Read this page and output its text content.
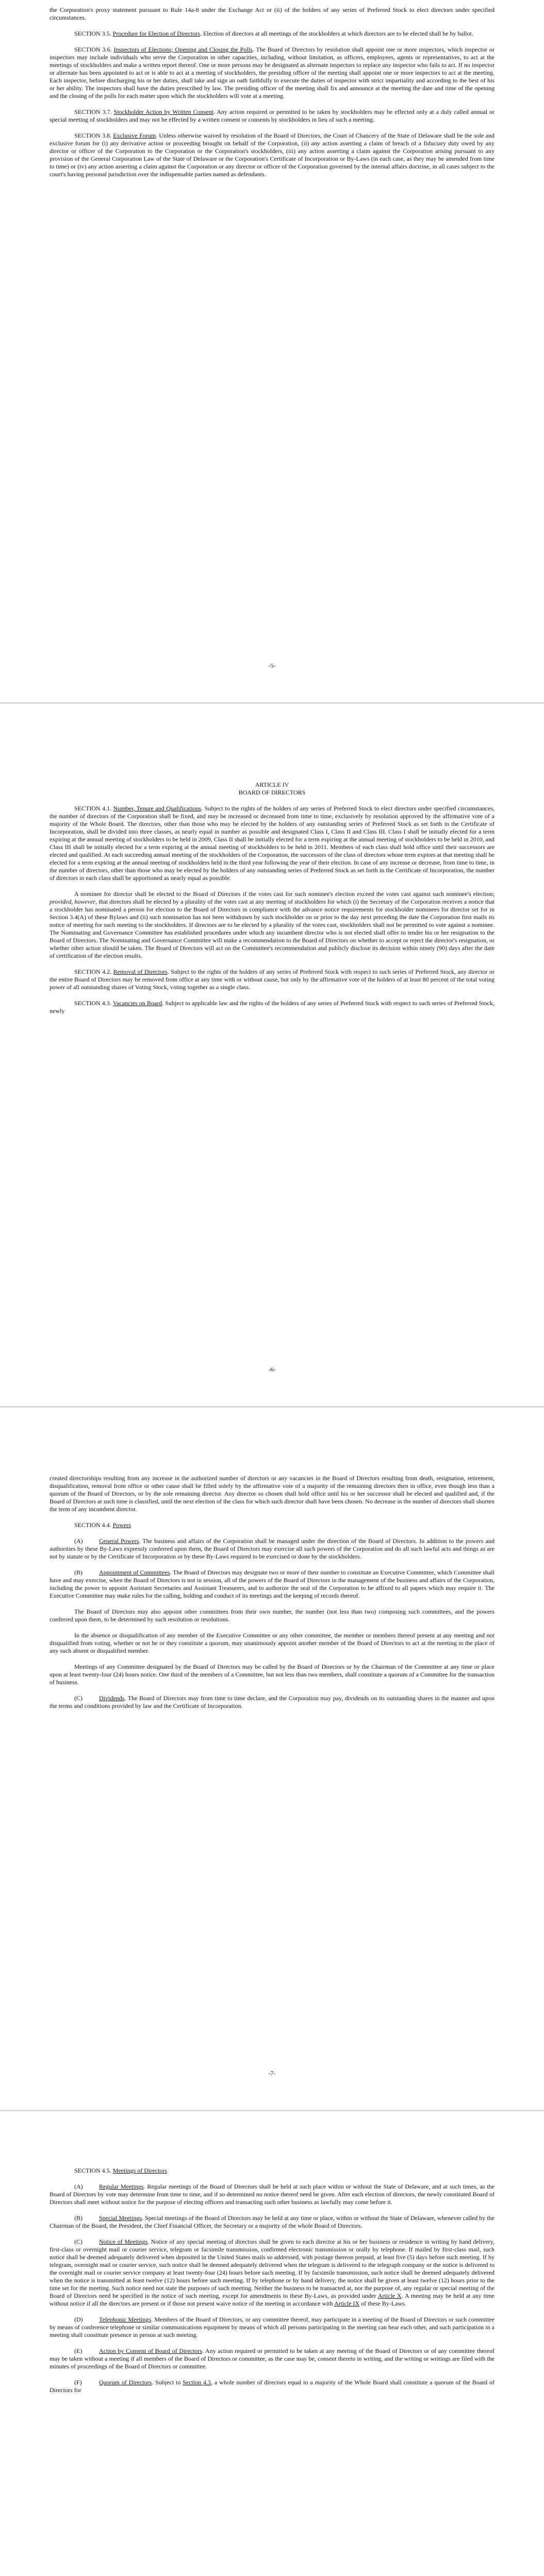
the Corporation's proxy statement pursuant to Rule 14a-8 under the Exchange Act or (ii) of the holders of any series of Preferred Stock to elect directors under specified circumstances.

SECTION 3.5. Procedure for Election of Directors. Election of directors at all meetings of the stockholders at which directors are to be elected shall be by ballot.

SECTION 3.6. Inspectors of Elections; Opening and Closing the Polls. The Board of Directors by resolution shall appoint one or more inspectors, which inspector or inspectors may include individuals who serve the Corporation in other capacities, including, without limitation, as officers, employees, agents or representatives, to act at the meetings of stockholders and make a written report thereof. One or more persons may be designated as alternate inspectors to replace any inspector who fails to act. If no inspector or alternate has been appointed to act or is able to act at a meeting of stockholders, the presiding officer of the meeting shall appoint one or more inspectors to act at the meeting. Each inspector, before discharging his or her duties, shall take and sign an oath faithfully to execute the duties of inspector with strict impartiality and according to the best of his or her ability. The inspectors shall have the duties prescribed by law. The presiding officer of the meeting shall fix and announce at the meeting the date and time of the opening and the closing of the polls for each matter upon which the stockholders will vote at a meeting.

SECTION 3.7. Stockholder Action by Written Consent. Any action required or permitted to be taken by stockholders may be effected only at a duly called annual or special meeting of stockholders and may not be effected by a written consent or consents by stockholders in lieu of such a meeting.

SECTION 3.8. Exclusive Forum. Unless otherwise waived by resolution of the Board of Directors, the Court of Chancery of the State of Delaware shall be the sole and exclusive forum for (i) any derivative action or proceeding brought on behalf of the Corporation, (ii) any action asserting a claim of breach of a fiduciary duty owed by any director or officer of the Corporation to the Corporation or the Corporation's stockholders, (iii) any action asserting a claim against the Corporation arising pursuant to any provision of the General Corporation Law of the State of Delaware or the Corporation's Certificate of Incorporation or By-Laws (in each case, as they may be amended from time to time) or (iv) any action asserting a claim against the Corporation or any director or officer of the Corporation governed by the internal affairs doctrine, in all cases subject to the court's having personal jurisdiction over the indispensable parties named as defendants.

-5-
ARTICLE IV
BOARD OF DIRECTORS

SECTION 4.1. Number, Tenure and Qualifications. Subject to the rights of the holders of any series of Preferred Stock to elect directors under specified circumstances, the number of directors of the Corporation shall be fixed, and may be increased or decreased from time to time, exclusively by resolution approved by the affirmative vote of a majority of the Whole Board. The directors, other than those who may be elected by the holders of any outstanding series of Preferred Stock as set forth in the Certificate of Incorporation, shall be divided into three classes, as nearly equal in number as possible and designated Class I, Class II and Class III. Class I shall be initially elected for a term expiring at the annual meeting of stockholders to be held in 2009, Class II shall be initially elected for a term expiring at the annual meeting of stockholders to be held in 2010, and Class III shall be initially elected for a term expiring at the annual meeting of stockholders to be held in 2011. Members of each class shall hold office until their successors are elected and qualified. At each succeeding annual meeting of the stockholders of the Corporation, the successors of the class of directors whose term expires at that meeting shall be elected for a term expiring at the annual meeting of stockholders held in the third year following the year of their election. In case of any increase or decrease, from time to time, in the number of directors, other than those who may be elected by the holders of any outstanding series of Preferred Stock as set forth in the Certificate of Incorporation, the number of directors in each class shall be apportioned as nearly equal as possible.

A nominee for director shall be elected to the Board of Directors if the votes cast for such nominee's election exceed the votes cast against such nominee's election; provided, however, that directors shall be elected by a plurality of the votes cast at any meeting of stockholders for which (i) the Secretary of the Corporation receives a notice that a stockholder has nominated a person for election to the Board of Directors in compliance with the advance notice requirements for stockholder nominees for director set for in Section 3.4(A) of these Bylaws and (ii) such nomination has not been withdrawn by such stockholder on or prior to the day next preceding the date the Corporation first mails its notice of meeting for such meeting to the stockholders. If directors are to be elected by a plurality of the votes cast, stockholders shall not be permitted to vote against a nominee. The Nominating and Governance Committee has established procedures under which any incumbent director who is not elected shall offer to tender his or her resignation to the Board of Directors. The Nominating and Governance Committee will make a recommendation to the Board of Directors on whether to accept or reject the director's resignation, or whether other action should be taken. The Board of Directors will act on the Committee's recommendation and publicly disclose its decision within ninety (90) days after the date of certification of the election results.

SECTION 4.2. Removal of Directors. Subject to the rights of the holders of any series of Preferred Stock with respect to such series of Preferred Stock, any director or the entire Board of Directors may be removed from office at any time with or without cause, but only by the affirmative vote of the holders of at least 80 percent of the total voting power of all outstanding shares of Voting Stock, voting together as a single class.

SECTION 4.3. Vacancies on Board. Subject to applicable law and the rights of the holders of any series of Preferred Stock with respect to such series of Preferred Stock, newly

-6-

created directorships resulting from any increase in the authorized number of directors or any vacancies in the Board of Directors resulting from death, resignation, retirement, disqualification, removal from office or other cause shall be filled solely by the affirmative vote of a majority of the remaining directors then in office, even though less than a quorum of the Board of Directors, or by the sole remaining director. Any director so chosen shall hold office until his or her successor shall be elected and qualified and, if the Board of Directors at such time is classified, until the next election of the class for which such director shall have been chosen. No decrease in the number of directors shall shorten the term of any incumbent director.

SECTION 4.4. Powers

(A)	General Powers. The business and affairs of the Corporation shall be managed under the direction of the Board of Directors. In addition to the powers and authorities by these By-Laws expressly conferred upon them, the Board of Directors may exercise all such powers of the Corporation and do all such lawful acts and things as are not by statute or by the Certificate of Incorporation or by these By-Laws required to be exercised or done by the stockholders.

(B)	Appointment of Committees. The Board of Directors may designate two or more of their number to constitute an Executive Committee, which Committee shall have and may exercise, when the Board of Directors is not in session, all of the powers of the Board of Directors in the management of the business and affairs of the Corporation, including the power to appoint Assistant Secretaries and Assistant Treasurers, and to authorize the seal of the Corporation to be affixed to all papers which may require it. The Executive Committee may make rules for the calling, holding and conduct of its meetings and the keeping of records thereof.

The Board of Directors may also appoint other committees from their own number, the number (not less than two) composing such committees, and the powers conferred upon them, to be determined by such resolution or resolutions.

In the absence or disqualification of any member of the Executive Committee or any other committee, the member or members thereof present at any meeting and not disqualified from voting, whether or not he or they constitute a quorum, may unanimously appoint another member of the Board of Directors to act at the meeting in the place of any such absent or disqualified member.

Meetings of any Committee designated by the Board of Directors may be called by the Board of Directors or by the Chairman of the Committee at any time or place upon at least twenty-four (24) hours notice. One third of the members of a Committee, but not less than two members, shall constitute a quorum of a Committee for the transaction of business.

(C)	Dividends. The Board of Directors may from time to time declare, and the Corporation may pay, dividends on its outstanding shares in the manner and upon the terms and conditions provided by law and the Certificate of Incorporation.

-7-

SECTION 4.5. Meetings of Directors

(A)	Regular Meetings. Regular meetings of the Board of Directors shall be held at such place within or without the State of Delaware, and at such times, as the Board of Directors by vote may determine from time to time, and if so determined no notice thereof need be given. After each election of directors, the newly constituted Board of Directors shall meet without notice for the purpose of electing officers and transacting such other business as lawfully may come before it.

(B)	Special Meetings. Special meetings of the Board of Directors may be held at any time or place, within or without the State of Delaware, whenever called by the Chairman of the Board, the President, the Chief Financial Officer, the Secretary or a majority of the whole Board of Directors.

(C)	Notice of Meetings. Notice of any special meeting of directors shall be given to each director at his or her business or residence in writing by hand delivery, first-class or overnight mail or courier service, telegram or facsimile transmission, confirmed electronic transmission or orally by telephone. If mailed by first-class mail, such notice shall be deemed adequately delivered when deposited in the United States mails so addressed, with postage thereon prepaid, at least five (5) days before such meeting. If by telegram, overnight mail or courier service, such notice shall be deemed adequately delivered when the telegram is delivered to the telegraph company or the notice is delivered to the overnight mail or courier service company at least twenty-four (24) hours before such meeting. If by facsimile transmission, such notice shall be deemed adequately delivered when the notice is transmitted at least twelve (12) hours before such meeting. If by telephone or by hand delivery, the notice shall be given at least twelve (12) hours prior to the time set for the meeting. Such notice need not state the purposes of such meeting. Neither the business to be transacted at, nor the purpose of, any regular or special meeting of the Board of Directors need be specified in the notice of such meeting, except for amendments to these By-Laws, as provided under Article X. A meeting may be held at any time without notice if all the directors are present or if those not present waive notice of the meeting in accordance with Article IX of these By-Laws.

(D)	Telephonic Meetings. Members of the Board of Directors, or any committee thereof, may participate in a meeting of the Board of Directors or such committee by means of conference telephone or similar communications equipment by means of which all persons participating in the meeting can hear each other, and such participation in a meeting shall constitute presence in person at such meeting.

(E)	Action by Consent of Board of Directors. Any action required or permitted to be taken at any meeting of the Board of Directors or of any committee thereof may be taken without a meeting if all members of the Board of Directors or committee, as the case may be, consent thereto in writing, and the writing or writings are filed with the minutes of proceedings of the Board of Directors or committee.

(F)	Quorum of Directors. Subject to Section 4.3, a whole number of directors equal to a majority of the Whole Board shall constitute a quorum of the Board of Directors for
